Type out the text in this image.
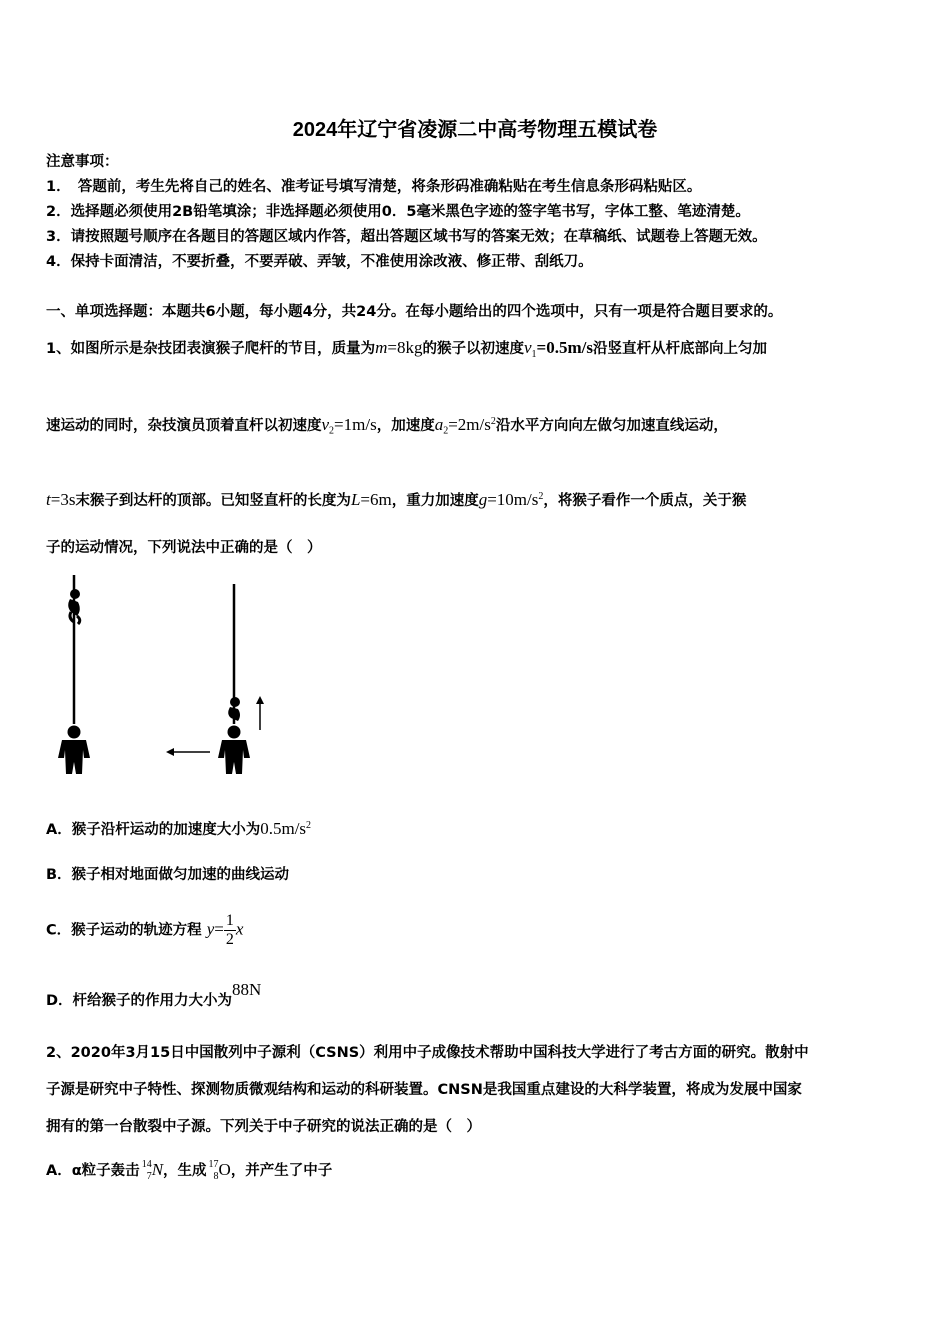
2024年辽宁省凌源二中高考物理五模试卷
注意事项：
1．　答题前，考生先将自己的姓名、准考证号填写清楚，将条形码准确粘贴在考生信息条形码粘贴区。
2．选择题必须使用2B铅笔填涂；非选择题必须使用0．5毫米黑色字迹的签字笔书写，字体工整、笔迹清楚。
3．请按照题号顺序在各题目的答题区域内作答，超出答题区域书写的答案无效；在草稿纸、试题卷上答题无效。
4．保持卡面清洁，不要折叠，不要弄破、弄皱，不准使用涂改液、修正带、刮纸刀。
一、单项选择题：本题共6小题，每小题4分，共24分。在每小题给出的四个选项中，只有一项是符合题目要求的。
1、如图所示是杂技团表演猴子爬杆的节目，质量为m=8kg的猴子以初速度$v_1=0.5m/s$沿竖直杆从杆底部向上匀加
速运动的同时，杂技演员顶着直杆以初速度$v_2=1m/s$，加速度$a_2=2m/s^2$沿水平方向向左做匀加速直线运动，
t=3s末猴子到达杆的顶部。已知竖直杆的长度为L=6m，重力加速度$g=10m/s^2$，将猴子看作一个质点，关于猴
子的运动情况，下列说法中正确的是（　）
A．猴子沿杆运动的加速度大小为$0.5m/s^2$
B．猴子相对地面做匀加速的曲线运动
C．猴子运动的轨迹方程 $y= \frac{1}{2}$ x
D．杆给猴子的作用力大小为88N
2、2020年3月15日中国散列中子源利（CSNS）利用中子成像技术帮助中国科技大学进行了考古方面的研究。散射中
子源是研究中子特性、探测物质微观结构和运动的科研装置。CNSN是我国重点建设的大科学装置，将成为发展中国家
拥有的第一台散裂中子源。下列关于中子研究的说法正确的是（　）
A．α粒子轰击 14
7 N，生成 17
8 O，并产生了中子
